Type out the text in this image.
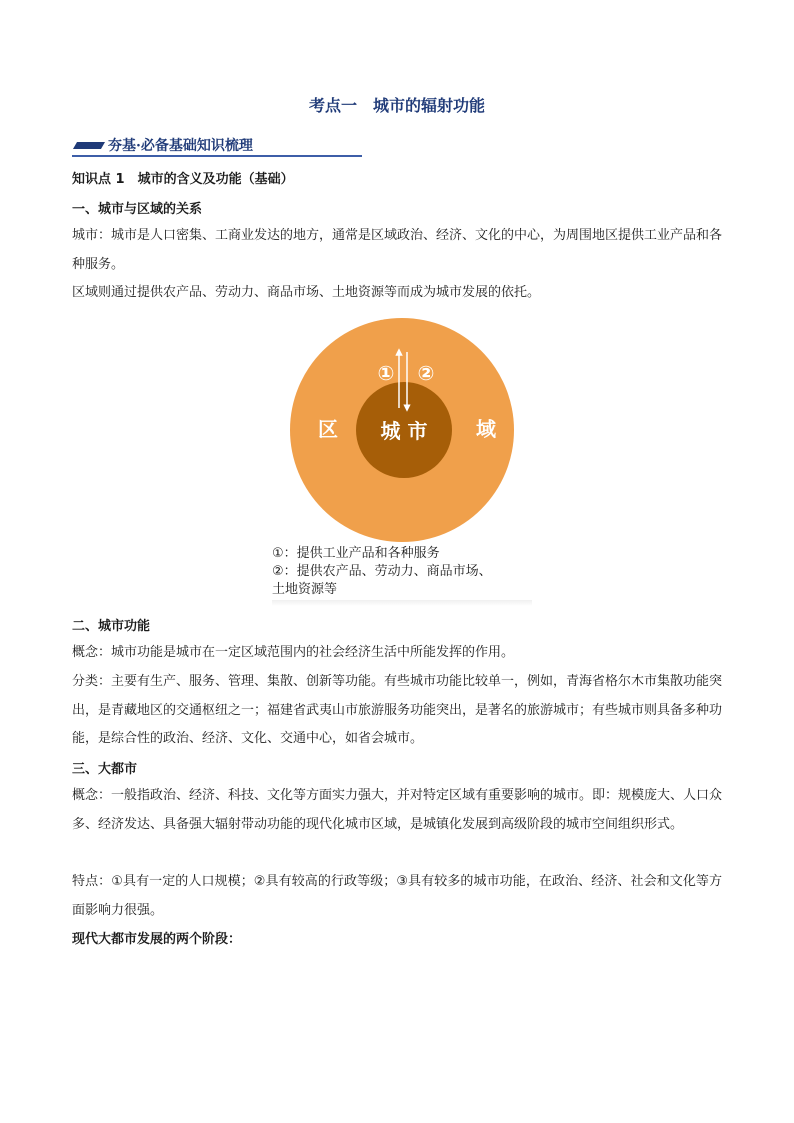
考点一　城市的辐射功能
夯基·必备基础知识梳理
知识点 1　城市的含义及功能（基础）
一、城市与区域的关系
城市：城市是人口密集、工商业发达的地方，通常是区域政治、经济、文化的中心，为周围地区提供工业产品和各种服务。
区域则通过提供农产品、劳动力、商品市场、土地资源等而成为城市发展的依托。
① ②
区	域
城 市
①：提供工业产品和各种服务
②：提供农产品、劳动力、商品市场、
土地资源等
二、城市功能
概念：城市功能是城市在一定区域范围内的社会经济生活中所能发挥的作用。
分类：主要有生产、服务、管理、集散、创新等功能。有些城市功能比较单一，例如，青海省格尔木市集散功能突出，是青藏地区的交通枢纽之一；福建省武夷山市旅游服务功能突出，是著名的旅游城市；有些城市则具备多种功能，是综合性的政治、经济、文化、交通中心，如省会城市。
三、大都市
概念：一般指政治、经济、科技、文化等方面实力强大，并对特定区域有重要影响的城市。即：规模庞大、人口众多、经济发达、具备强大辐射带动功能的现代化城市区域，是城镇化发展到高级阶段的城市空间组织形式。
特点：①具有一定的人口规模；②具有较高的行政等级；③具有较多的城市功能，在政治、经济、社会和文化等方面影响力很强。
现代大都市发展的两个阶段：
